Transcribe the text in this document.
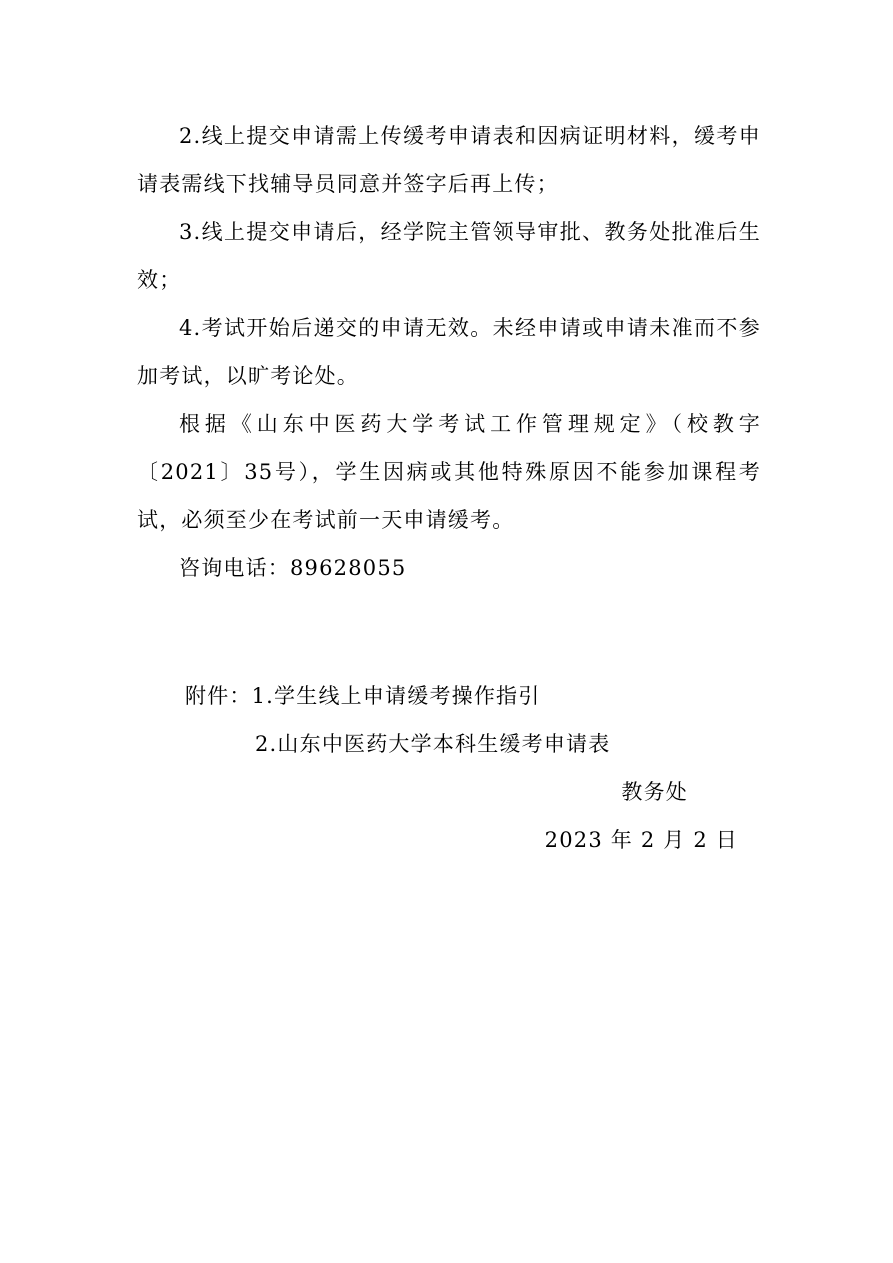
2.线上提交申请需上传缓考申请表和因病证明材料，缓考申请表需线下找辅导员同意并签字后再上传；

3.线上提交申请后，经学院主管领导审批、教务处批准后生效；

4.考试开始后递交的申请无效。未经申请或申请未准而不参加考试，以旷考论处。

根据《山东中医药大学考试工作管理规定》（校教字〔2021〕35号），学生因病或其他特殊原因不能参加课程考试，必须至少在考试前一天申请缓考。

咨询电话：89628055

附件：1.学生线上申请缓考操作指引
2.山东中医药大学本科生缓考申请表
教务处
2023 年 2 月 2 日
